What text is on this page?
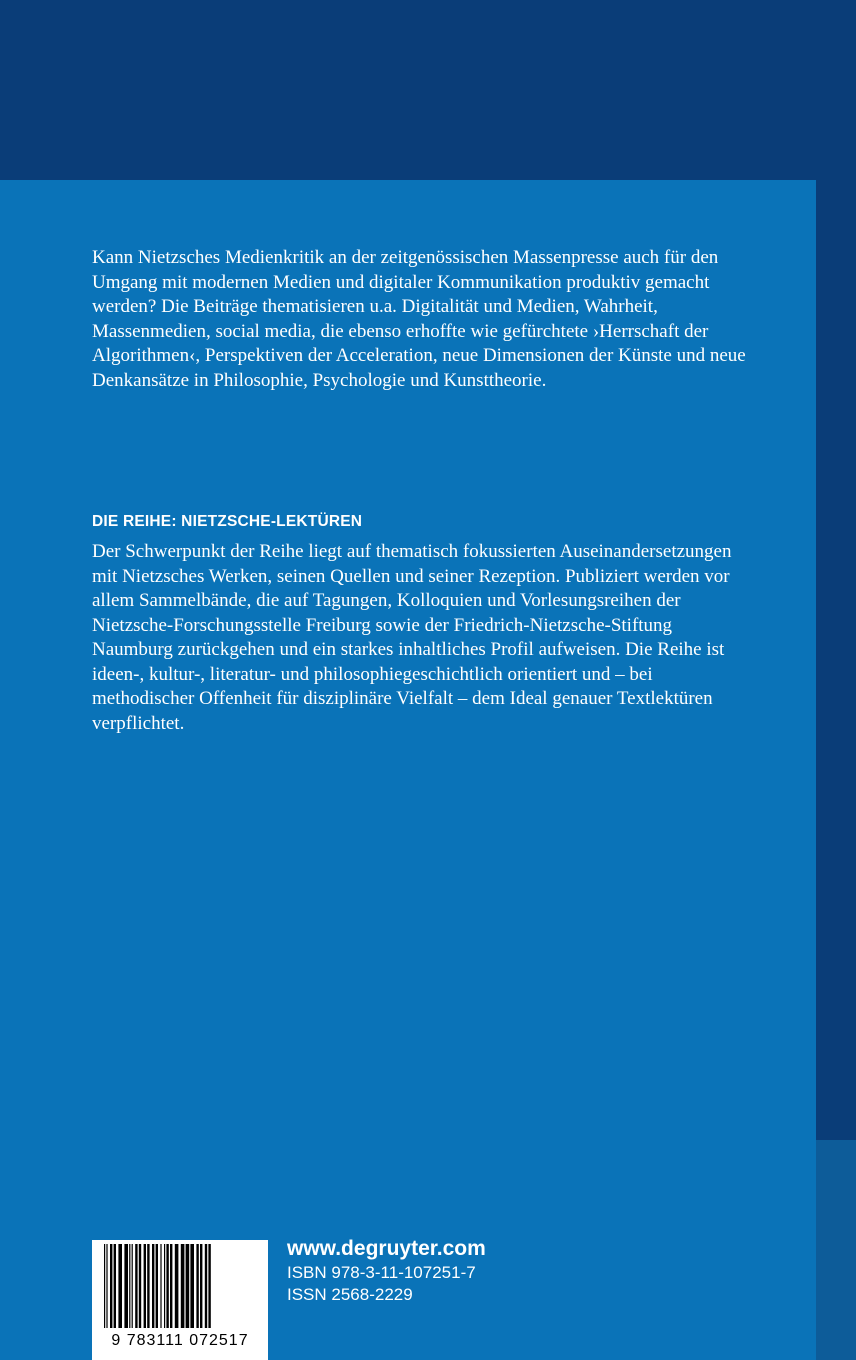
Kann Nietzsches Medienkritik an der zeitgenössischen Massenpresse auch für den Umgang mit modernen Medien und digitaler Kommunikation produktiv gemacht werden? Die Beiträge thematisieren u.a. Digitalität und Medien, Wahrheit, Massenmedien, social media, die ebenso erhoffte wie gefürchtete ›Herrschaft der Algorithmen‹, Perspektiven der Acceleration, neue Dimensionen der Künste und neue Denkansätze in Philosophie, Psychologie und Kunsttheorie.

DIE REIHE: NIETZSCHE-LEKTÜREN

Der Schwerpunkt der Reihe liegt auf thematisch fokussierten Auseinandersetzungen mit Nietzsches Werken, seinen Quellen und seiner Rezeption. Publiziert werden vor allem Sammelbände, die auf Tagungen, Kolloquien und Vorlesungsreihen der Nietzsche-Forschungsstelle Freiburg sowie der Friedrich-Nietzsche-Stiftung Naumburg zurückgehen und ein starkes inhaltliches Profil aufweisen. Die Reihe ist ideen-, kultur-, literatur- und philosophiegeschichtlich orientiert und – bei methodischer Offenheit für disziplinäre Vielfalt – dem Ideal genauer Textlektüren verpflichtet.

9 783111 072517
www.degruyter.com
ISBN 978-3-11-107251-7
ISSN 2568-2229
